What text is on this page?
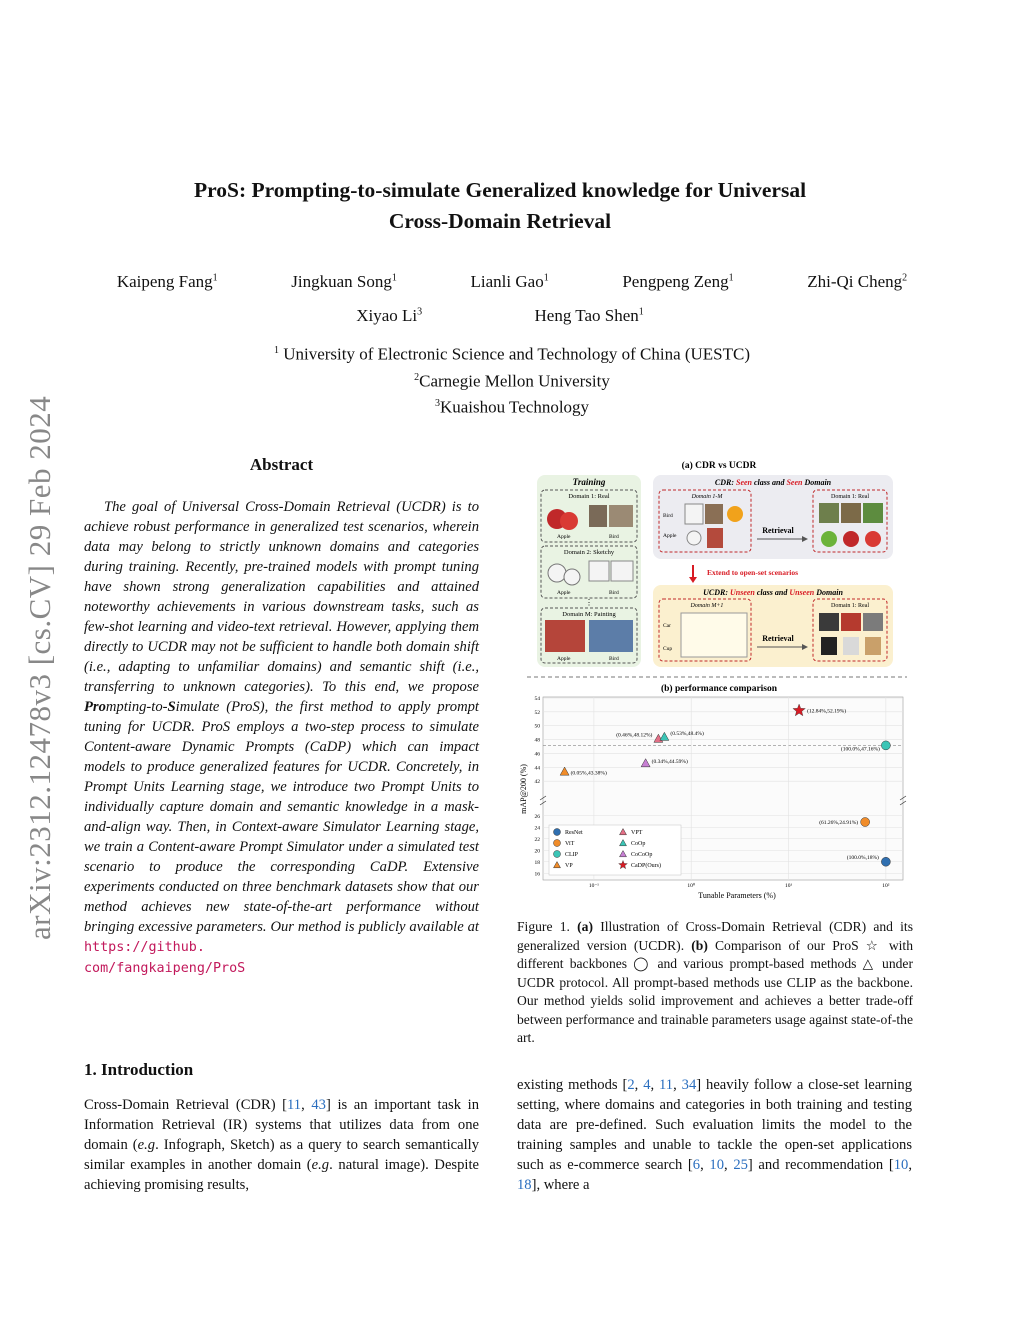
arXiv:2312.12478v3 [cs.CV] 29 Feb 2024
ProS: Prompting-to-simulate Generalized knowledge for Universal
Cross-Domain Retrieval
Kaipeng Fang$^1$	Jingkuan Song$^1$	Lianli Gao$^1$	Pengpeng Zeng$^1$	Zhi-Qi Cheng$^2$
Xiyao Li$^3$	Heng Tao Shen$^1$
$^1$ University of Electronic Science and Technology of China (UESTC)
$^2$Carnegie Mellon University
$^3$Kuaishou Technology
Abstract
The goal of Universal Cross-Domain Retrieval (UCDR) is to achieve robust performance in generalized test scenarios, wherein data may belong to strictly unknown domains and categories during training. Recently, pre-trained models with prompt tuning have shown strong generalization capabilities and attained noteworthy achievements in various downstream tasks, such as few-shot learning and video-text retrieval. However, applying them directly to UCDR may not be sufficient to handle both domain shift (i.e., adapting to unfamiliar domains) and semantic shift (i.e., transferring to unknown categories). To this end, we propose Prompting-to-Simulate (ProS), the first method to apply prompt tuning for UCDR. ProS employs a two-step process to simulate Content-aware Dynamic Prompts (CaDP) which can impact models to produce generalized features for UCDR. Concretely, in Prompt Units Learning stage, we introduce two Prompt Units to individually capture domain and semantic knowledge in a mask-and-align way. Then, in Context-aware Simulator Learning stage, we train a Content-aware Prompt Simulator under a simulated test scenario to produce the corresponding CaDP. Extensive experiments conducted on three benchmark datasets show that our method achieves new state-of-the-art performance without bringing excessive parameters. Our method is publicly available at https://github.
com/fangkaipeng/ProS
1. Introduction
Cross-Domain Retrieval (CDR) [11, 43] is an important task in Information Retrieval (IR) systems that utilizes data from one domain (e.g. Infograph, Sketch) as a query to search semantically similar examples in another domain (e.g. natural image). Despite achieving promising results,
existing methods [2, 4, 11, 34] heavily follow a close-set learning setting, where domains and categories in both training and testing data are pre-defined. Such evaluation limits the model to the training samples and unable to tackle the open-set applications such as e-commerce search [6, 10, 25] and recommendation [10, 18], where a
(a) CDR vs UCDR
Training
Domain 1: Real
Apple	Bird
Domain 2: Sketchy
Apple	Bird
⋮
Domain M: Painting
Apple	Bird
CDR: Seen class and Seen Domain
Domain 1-M
Bird
Apple
Retrieval
Domain 1: Real
Extend to open-set scenarios
UCDR: Unseen class and Unseen Domain
Domain M+1
Car
Cup
Retrieval
Domain 1: Real
(b) performance comparison
Tunable Parameters (%)
mAP@200 (%) 42
44
46
48
50
52
54
16
18
20
22
24
26
10⁻¹	10⁰	10¹	10²
ResNet
ViT
CLIP
VP
VPT
CoOp
CoCoOp
CaDP(Ours)
(12.84%,52.19%)
(0.46%,48.12%)	(0.53%,48.4%)
(100.0%,47.16%)
(0.34%,44.59%)
(0.05%,43.38%)
(61.26%,24.91%)
(100.0%,18%)
Figure 1. (a) Illustration of Cross-Domain Retrieval (CDR) and its generalized version (UCDR). (b) Comparison of our ProS ☆ with different backbones ◯ and various prompt-based methods △ under UCDR protocol. All prompt-based methods use CLIP as the backbone. Our method yields solid improvement and achieves a better trade-off between performance and trainable parameters usage against state-of-the art.
